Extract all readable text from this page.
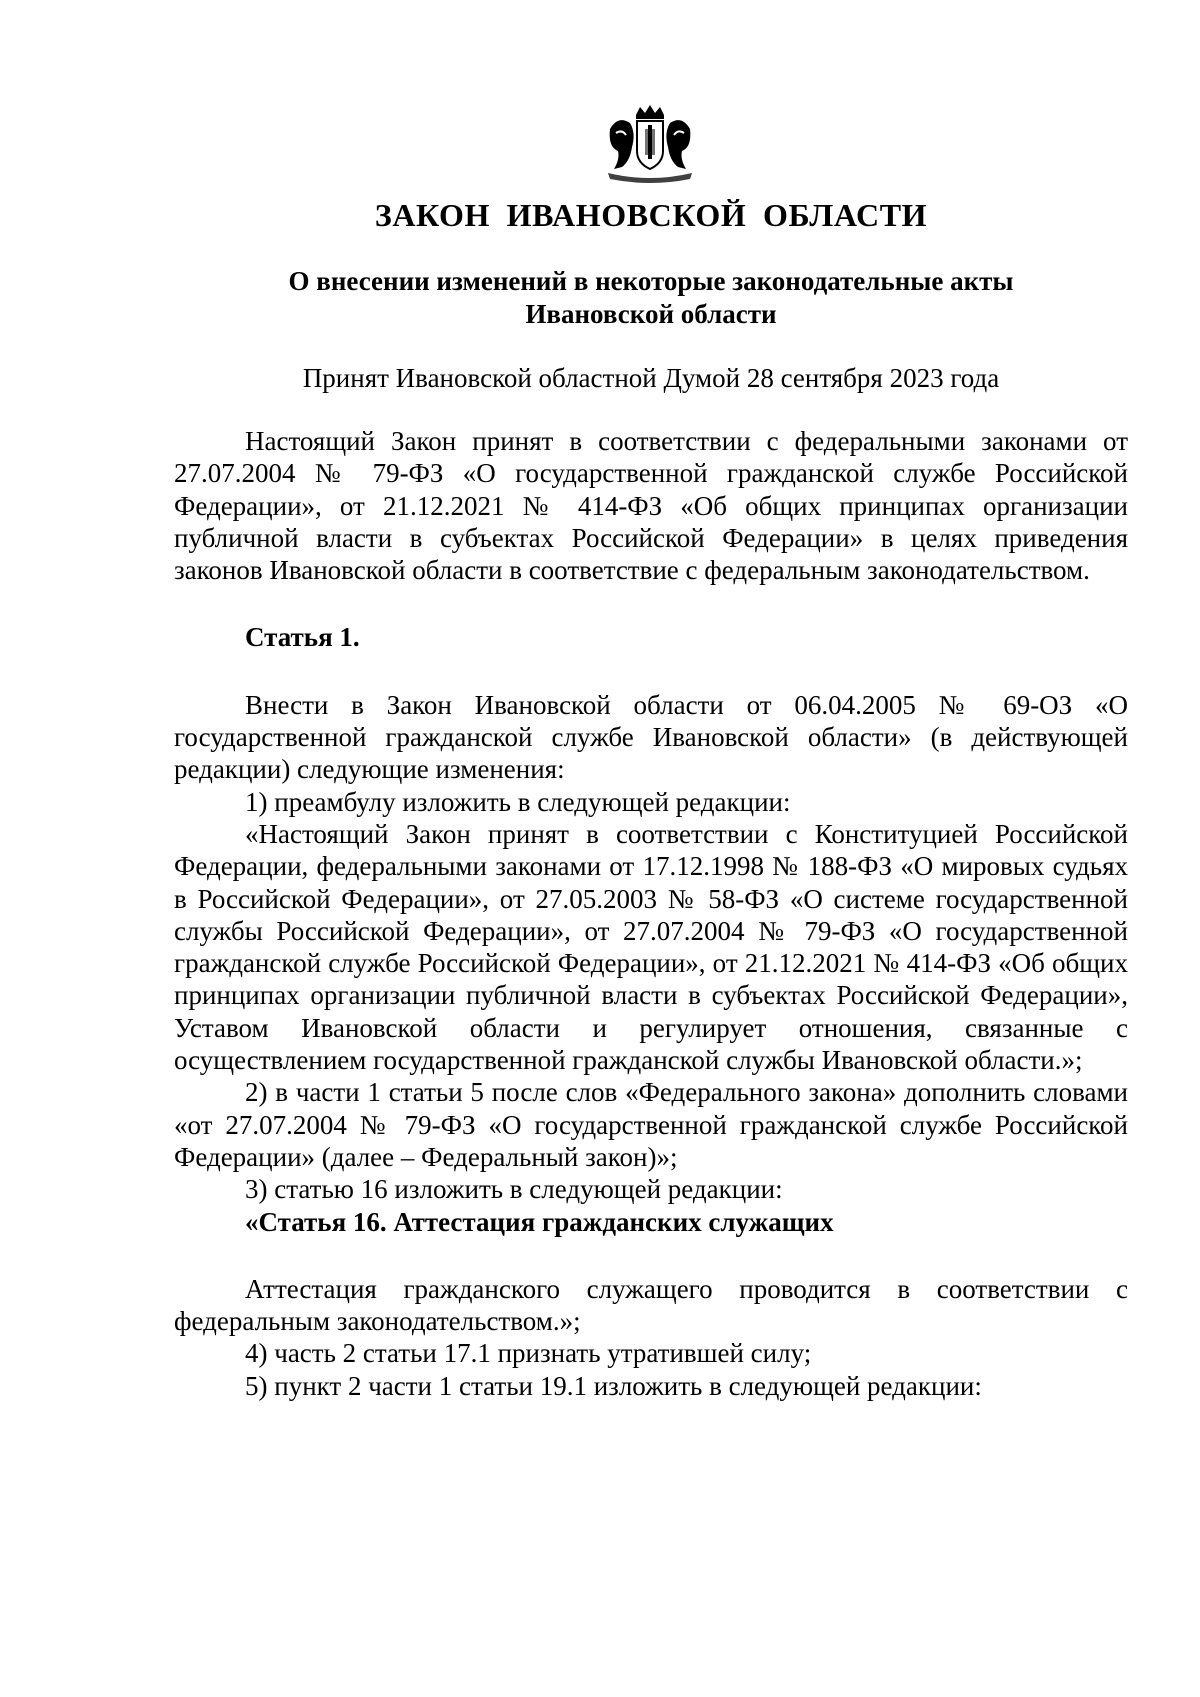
ЗАКОН ИВАНОВСКОЙ ОБЛАСТИ
О внесении изменений в некоторые законодательные акты
Ивановской области
Принят Ивановской областной Думой 28 сентября 2023 года

Настоящий Закон принят в соответствии с федеральными законами от 27.07.2004 № 79-ФЗ «О государственной гражданской службе Российской Федерации», от 21.12.2021 № 414-ФЗ «Об общих принципах организации публичной власти в субъектах Российской Федерации» в целях приведения законов Ивановской области в соответствие с федеральным законодательством.

Статья 1.

Внести в Закон Ивановской области от 06.04.2005 № 69-ОЗ «О государственной гражданской службе Ивановской области» (в действующей редакции) следующие изменения:

1) преамбулу изложить в следующей редакции:

«Настоящий Закон принят в соответствии с Конституцией Российской Федерации, федеральными законами от 17.12.1998 № 188-ФЗ «О мировых судьях в Российской Федерации», от 27.05.2003 № 58-ФЗ «О системе государственной службы Российской Федерации», от 27.07.2004 № 79-ФЗ «О государственной гражданской службе Российской Федерации», от 21.12.2021 № 414-ФЗ «Об общих принципах организации публичной власти в субъектах Российской Федерации», Уставом Ивановской области и регулирует отношения, связанные с осуществлением государственной гражданской службы Ивановской области.»;

2) в части 1 статьи 5 после слов «Федерального закона» дополнить словами «от 27.07.2004 № 79-ФЗ «О государственной гражданской службе Российской Федерации» (далее – Федеральный закон)»;

3) статью 16 изложить в следующей редакции:

«Статья 16. Аттестация гражданских служащих

Аттестация гражданского служащего проводится в соответствии с федеральным законодательством.»;

4) часть 2 статьи 17.1 признать утратившей силу;

5) пункт 2 части 1 статьи 19.1 изложить в следующей редакции:
